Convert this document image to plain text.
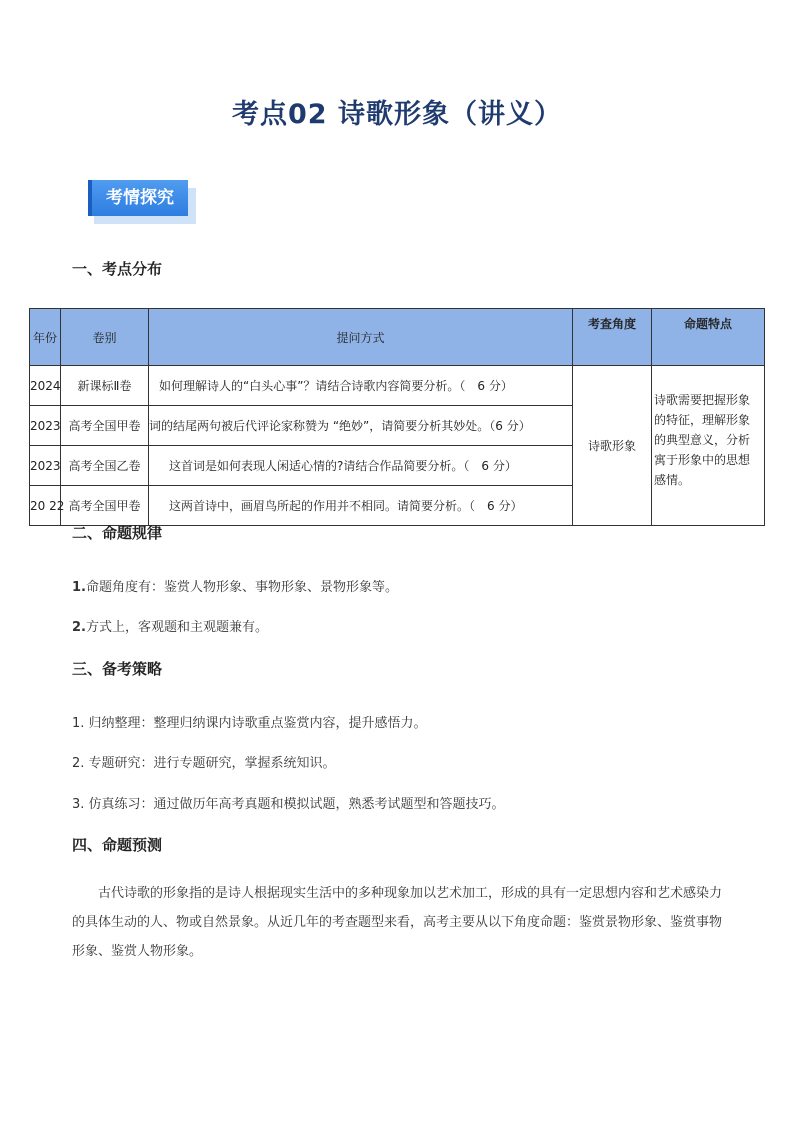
考点02 诗歌形象（讲义）
考情探究
一、考点分布
年份	卷别	提问方式	考查角度	命题特点
2024	新课标Ⅱ卷	如何理解诗人的“白头心事”？请结合诗歌内容简要分析。（　6 分）	诗歌形象	诗歌需要把握形象的特征，理解形象的典型意义，分析寓于形象中的思想感情。
2023	高考全国甲卷	词的结尾两句被后代评论家称赞为 “绝妙”，请简要分析其妙处。（6 分）		
2023	高考全国乙卷	这首词是如何表现人闲适心情的?请结合作品简要分析。（　6 分）		
20 22	高考全国甲卷	这两首诗中，画眉鸟所起的作用并不相同。请简要分析。（　6 分）		
二、命题规律
1.命题角度有：鉴赏人物形象、事物形象、景物形象等。
2.方式上，客观题和主观题兼有。
三、备考策略
1. 归纳整理：整理归纳课内诗歌重点鉴赏内容，提升感悟力。
2. 专题研究：进行专题研究，掌握系统知识。
3. 仿真练习：通过做历年高考真题和模拟试题，熟悉考试题型和答题技巧。
四、命题预测
古代诗歌的形象指的是诗人根据现实生活中的多种现象加以艺术加工，形成的具有一定思想内容和艺术感染力的具体生动的人、物或自然景象。从近几年的考查题型来看，高考主要从以下角度命题：鉴赏景物形象、鉴赏事物形象、鉴赏人物形象。
